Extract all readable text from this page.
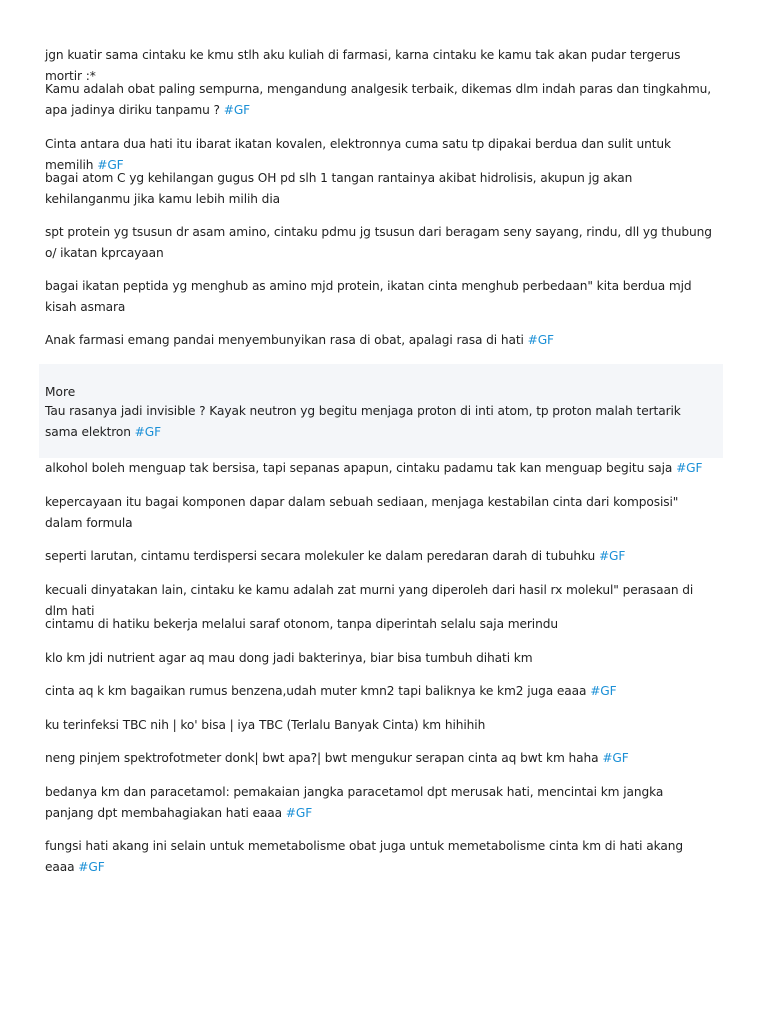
jgn kuatir sama cintaku ke kmu stlh aku kuliah di farmasi, karna cintaku ke kamu tak akan pudar tergerus mortir :*
Kamu adalah obat paling sempurna, mengandung analgesik terbaik, dikemas dlm indah paras dan tingkahmu, apa jadinya diriku tanpamu ? #GF
Cinta antara dua hati itu ibarat ikatan kovalen, elektronnya cuma satu tp dipakai berdua dan sulit untuk memilih #GF
bagai atom C yg kehilangan gugus OH pd slh 1 tangan rantainya akibat hidrolisis, akupun jg akan kehilanganmu jika kamu lebih milih dia
spt protein yg tsusun dr asam amino, cintaku pdmu jg tsusun dari beragam seny sayang, rindu, dll yg thubung o/ ikatan kprcayaan
bagai ikatan peptida yg menghub as amino mjd protein, ikatan cinta menghub perbedaan" kita berdua mjd kisah asmara
Anak farmasi emang pandai menyembunyikan rasa di obat, apalagi rasa di hati #GF
More
Tau rasanya jadi invisible ? Kayak neutron yg begitu menjaga proton di inti atom, tp proton malah tertarik sama elektron #GF
alkohol boleh menguap tak bersisa, tapi sepanas apapun, cintaku padamu tak kan menguap begitu saja #GF
kepercayaan itu bagai komponen dapar dalam sebuah sediaan, menjaga kestabilan cinta dari komposisi" dalam formula
seperti larutan, cintamu terdispersi secara molekuler ke dalam peredaran darah di tubuhku #GF
kecuali dinyatakan lain, cintaku ke kamu adalah zat murni yang diperoleh dari hasil rx molekul" perasaan di dlm hati
cintamu di hatiku bekerja melalui saraf otonom, tanpa diperintah selalu saja merindu
klo km jdi nutrient agar aq mau dong jadi bakterinya, biar bisa tumbuh dihati km
cinta aq k km bagaikan rumus benzena,udah muter kmn2 tapi baliknya ke km2 juga eaaa #GF
ku terinfeksi TBC nih | ko' bisa | iya TBC (Terlalu Banyak Cinta) km hihihih
neng pinjem spektrofotmeter donk| bwt apa?| bwt mengukur serapan cinta aq bwt km haha #GF
bedanya km dan paracetamol: pemakaian jangka paracetamol dpt merusak hati, mencintai km jangka panjang dpt membahagiakan hati eaaa #GF
fungsi hati akang ini selain untuk memetabolisme obat juga untuk memetabolisme cinta km di hati akang eaaa #GF
